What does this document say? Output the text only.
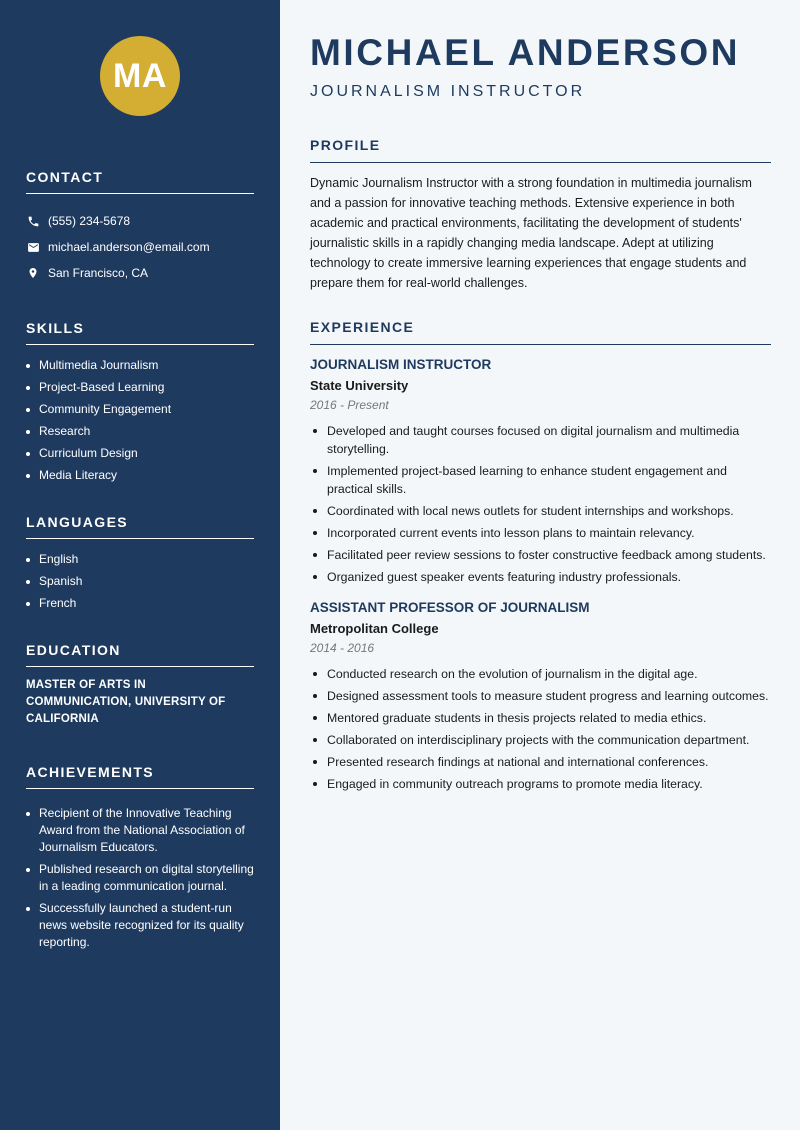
MA
CONTACT
(555) 234-5678
michael.anderson@email.com
San Francisco, CA
SKILLS
Multimedia Journalism
Project-Based Learning
Community Engagement
Research
Curriculum Design
Media Literacy
LANGUAGES
English
Spanish
French
EDUCATION

MASTER OF ARTS IN COMMUNICATION, UNIVERSITY OF CALIFORNIA

ACHIEVEMENTS
Recipient of the Innovative Teaching Award from the National Association of Journalism Educators.
Published research on digital storytelling in a leading communication journal.
Successfully launched a student-run news website recognized for its quality reporting.
MICHAEL ANDERSON

JOURNALISM INSTRUCTOR

PROFILE

Dynamic Journalism Instructor with a strong foundation in multimedia journalism and a passion for innovative teaching methods. Extensive experience in both academic and practical environments, facilitating the development of students' journalistic skills in a rapidly changing media landscape. Adept at utilizing technology to create immersive learning experiences that engage students and prepare them for real-world challenges.

EXPERIENCE

JOURNALISM INSTRUCTOR

State University

2016 - Present

Developed and taught courses focused on digital journalism and multimedia storytelling.
Implemented project-based learning to enhance student engagement and practical skills.
Coordinated with local news outlets for student internships and workshops.
Incorporated current events into lesson plans to maintain relevancy.
Facilitated peer review sessions to foster constructive feedback among students.
Organized guest speaker events featuring industry professionals.

ASSISTANT PROFESSOR OF JOURNALISM

Metropolitan College

2014 - 2016

Conducted research on the evolution of journalism in the digital age.
Designed assessment tools to measure student progress and learning outcomes.
Mentored graduate students in thesis projects related to media ethics.
Collaborated on interdisciplinary projects with the communication department.
Presented research findings at national and international conferences.
Engaged in community outreach programs to promote media literacy.
